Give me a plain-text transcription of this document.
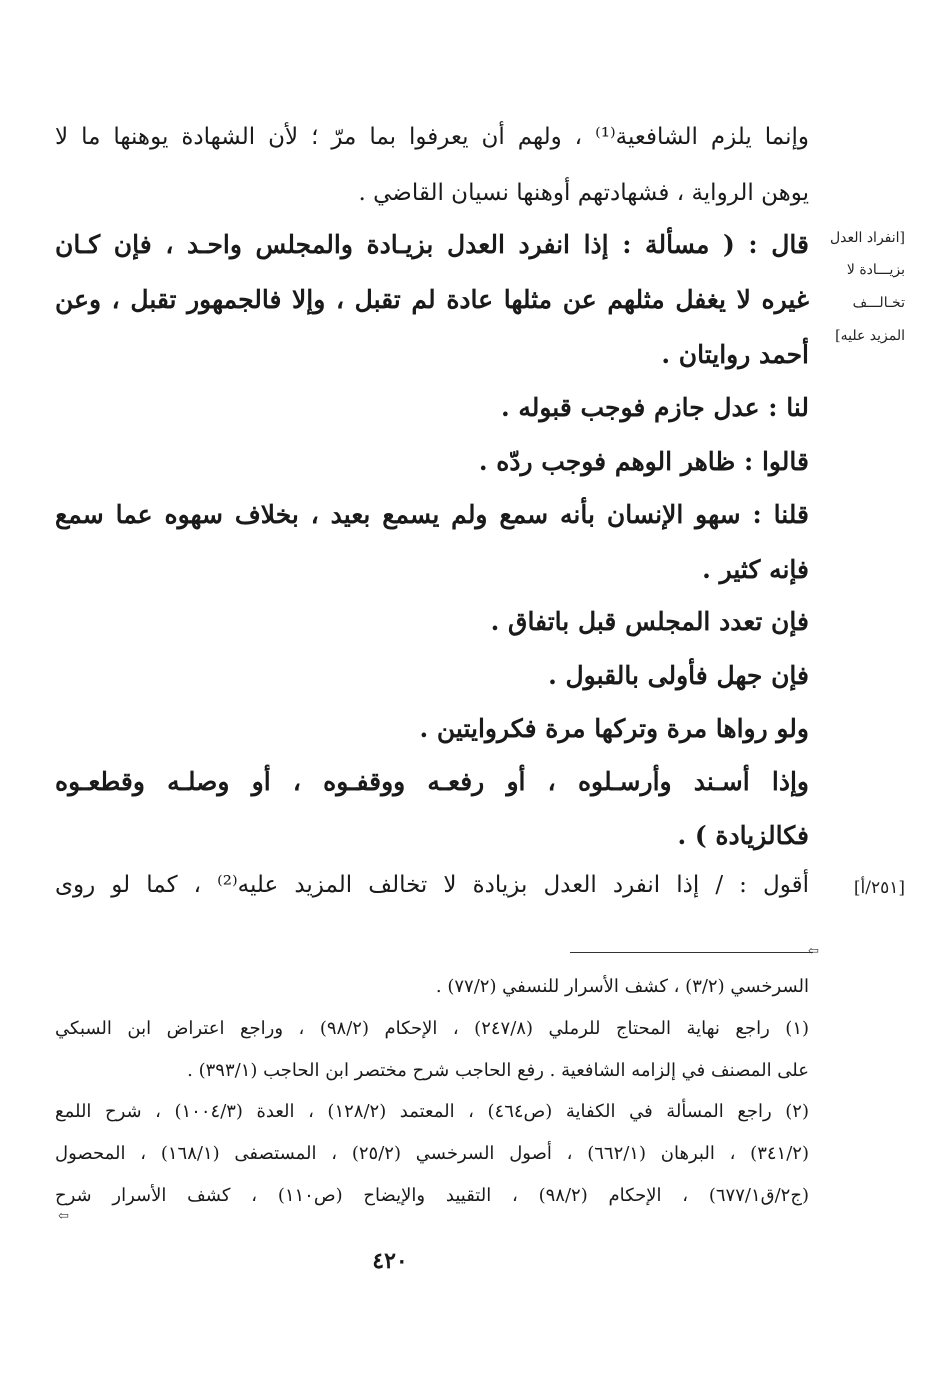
وإنما يلزم الشافعية⁽¹⁾ ، ولهم أن يعرفوا بما مرّ ؛ لأن الشهادة يوهنها ما لا
يوهن الرواية ، فشهادتهم أوهنها نسيان القاضي .
قال : ( مسألة : إذا انفرد العدل بزيـادة والمجلس واحـد ، فإن كـان
غيره لا يغفل مثلهم عن مثلها عادة لم تقبل ، وإلا فالجمهور تقبل ، وعن
أحمد روايتان .
لنا : عدل جازم فوجب قبوله .
قالوا : ظاهر الوهم فوجب ردّه .
قلنا : سهو الإنسان بأنه سمع ولم يسمع بعيد ، بخلاف سهوه عما سمع
فإنه كثير .
فإن تعدد المجلس قبل باتفاق .
فإن جهل فأولى بالقبول .
ولو رواها مرة وتركها مرة فكروايتين .
وإذا أسـند وأرسـلوه ، أو رفعـه ووقفـوه ، أو وصلـه وقطعـوه
فكالزيادة ) .
أقول : / إذا انفرد العدل بزيادة لا تخالف المزيد عليه⁽²⁾ ، كما لو روى
[انفراد العدل
بزيـــادة لا
تخـالـــف
المزيد عليه]
[٢٥١/أ]
⇦
السرخسي (٣/٢) ، كشف الأسرار للنسفي (٧٧/٢) .
(١) راجع نهاية المحتاج للرملي (٢٤٧/٨) ، الإحكام (٩٨/٢) ، وراجع اعتراض ابن السبكي
على المصنف في إلزامه الشافعية . رفع الحاجب شرح مختصر ابن الحاجب (٣٩٣/١) .
(٢) راجع المسألة في الكفاية (ص٤٦٤) ، المعتمد (١٢٨/٢) ، العدة (١٠٠٤/٣) ، شرح اللمع
(٣٤١/٢) ، البرهان (٦٦٢/١) ، أصول السرخسي (٢٥/٢) ، المستصفى (١٦٨/١) ، المحصول
(ج٢/ق٦٧٧/١) ، الإحكام (٩٨/٢) ، التقييد والإيضاح (ص١١٠) ، كشف الأسرار شرح
⇦
٤٢٠
